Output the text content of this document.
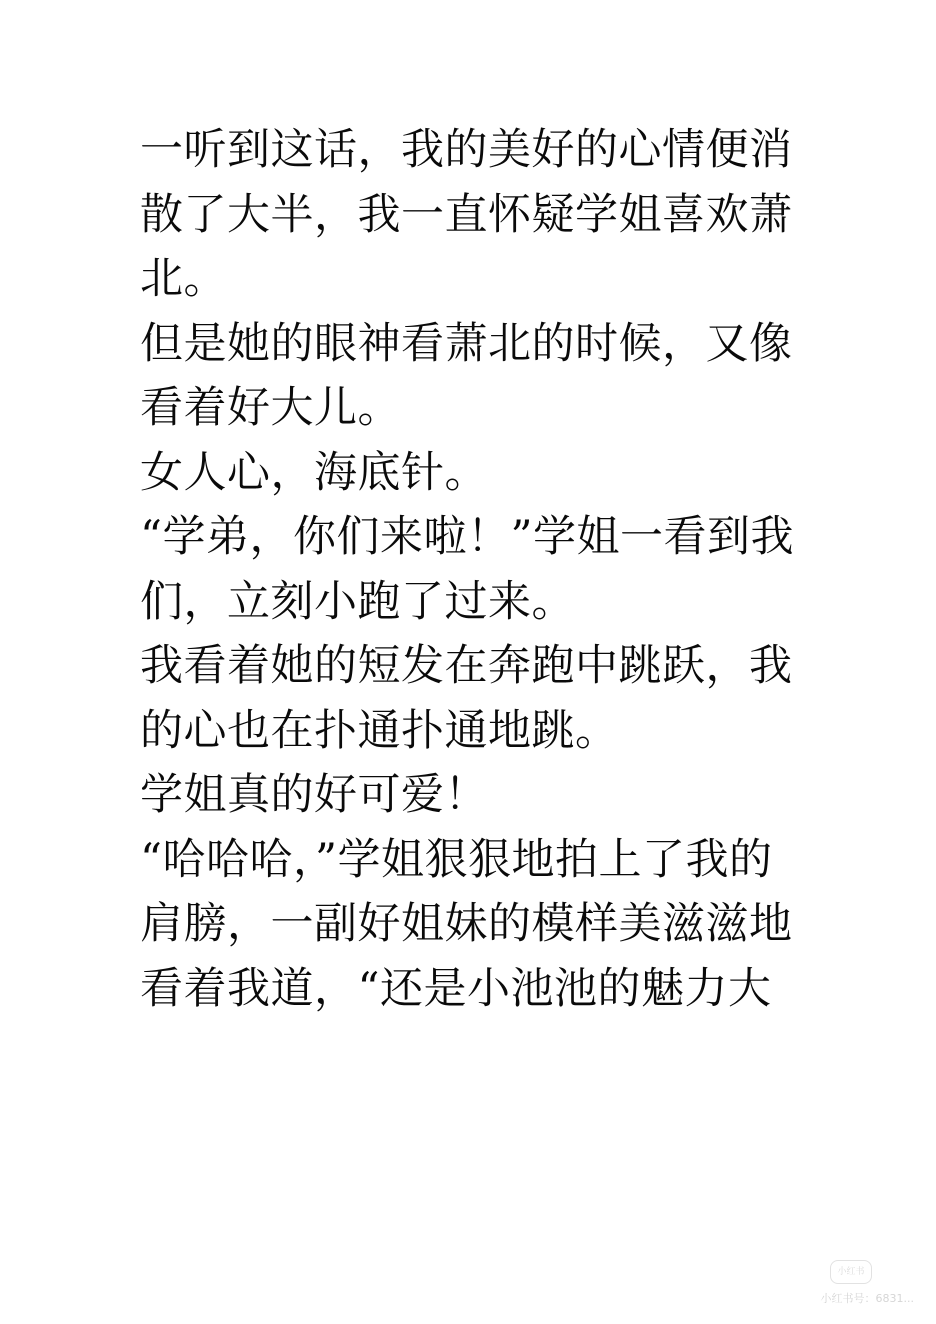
一听到这话，我的美好的心情便消
散了大半，我一直怀疑学姐喜欢萧
北。
但是她的眼神看萧北的时候，又像
看着好大儿。
女人心，海底针。
“学弟，你们来啦！”学姐一看到我
们，立刻小跑了过来。
我看着她的短发在奔跑中跳跃，我
的心也在扑通扑通地跳。
学姐真的好可爱！
“哈哈哈，”学姐狠狠地拍上了我的
肩膀，一副好姐妹的模样美滋滋地
看着我道，“还是小池池的魅力大
小红书
小红书号：6831...
